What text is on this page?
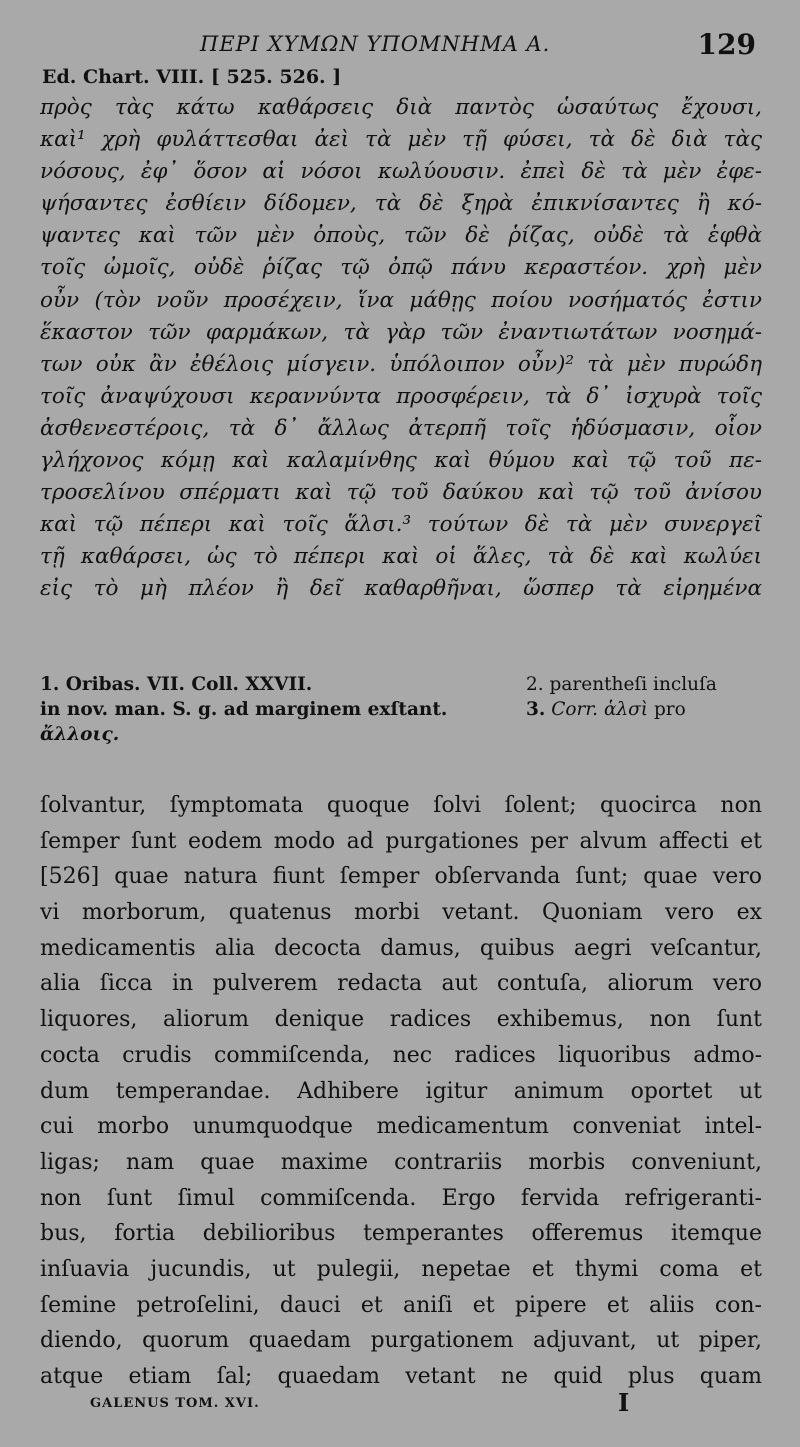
ΠΕΡΙ ΧΥΜΩΝ ΥΠΟΜΝΗΜΑ Α.	129
Ed. Chart. VIII. [ 525. 526. ]
πρὸς τὰς κάτω καθάρσεις διὰ παντὸς ὡσαύτως ἔχουσι,
καὶ¹ χρὴ φυλάττεσθαι ἀεὶ τὰ μὲν τῇ φύσει, τὰ δὲ διὰ τὰς
νόσους, ἐφ᾽ ὅσον αἱ νόσοι κωλύουσιν. ἐπεὶ δὲ τὰ μὲν ἐφε-
ψήσαντες ἐσθίειν δίδομεν, τὰ δὲ ξηρὰ ἐπικνίσαντες ἢ κό-
ψαντες καὶ τῶν μὲν ὀποὺς, τῶν δὲ ῥίζας, οὐδὲ τὰ ἑφθὰ
τοῖς ὠμοῖς, οὐδὲ ῥίζας τῷ ὀπῷ πάνυ κεραστέον. χρὴ μὲν
οὖν (τὸν νοῦν προσέχειν, ἵνα μάθῃς ποίου νοσήματός ἐστιν
ἕκαστον τῶν φαρμάκων, τὰ γὰρ τῶν ἐναντιωτάτων νοσημά-
των οὐκ ἂν ἐθέλοις μίσγειν. ὑπόλοιπον οὖν)² τὰ μὲν πυρώδη
τοῖς ἀναψύχουσι κεραννύντα προσφέρειν, τὰ δ᾽ ἰσχυρὰ τοῖς
ἀσθενεστέροις, τὰ δ᾽ ἄλλως ἀτερπῆ τοῖς ἡδύσμασιν, οἷον
γλήχονος κόμῃ καὶ καλαμίνθης καὶ θύμου καὶ τῷ τοῦ πε-
τροσελίνου σπέρματι καὶ τῷ τοῦ δαύκου καὶ τῷ τοῦ ἀνίσου
καὶ τῷ πέπερι καὶ τοῖς ἅλσι.³ τούτων δὲ τὰ μὲν συνεργεῖ
τῇ καθάρσει, ὡς τὸ πέπερι καὶ οἱ ἅλες, τὰ δὲ καὶ κωλύει
εἰς τὸ μὴ πλέον ἢ δεῖ καθαρθῆναι, ὥσπερ τὰ εἰρημένα
1. Oribas. VII. Coll. XXVII.	2. parentheſi incluſa
in nov. man. S. g. ad marginem exſtant.	3. Corr. ἁλσὶ pro
ἄλλοις.
ſolvantur, ſymptomata quoque ſolvi ſolent; quocirca non
ſemper ſunt eodem modo ad purgationes per alvum affecti et
[526] quae natura fiunt ſemper obſervanda ſunt; quae vero
vi morborum, quatenus morbi vetant. Quoniam vero ex
medicamentis alia decocta damus, quibus aegri veſcantur,
alia ſicca in pulverem redacta aut contuſa, aliorum vero
liquores, aliorum denique radices exhibemus, non ſunt
cocta crudis commiſcenda, nec radices liquoribus admo-
dum temperandae. Adhibere igitur animum oportet ut
cui morbo unumquodque medicamentum conveniat intel-
ligas; nam quae maxime contrariis morbis conveniunt,
non ſunt ſimul commiſcenda. Ergo fervida refrigeranti-
bus, fortia debilioribus temperantes offeremus itemque
inſuavia jucundis, ut pulegii, nepetae et thymi coma et
ſemine petroſelini, dauci et aniſi et pipere et aliis con-
diendo, quorum quaedam purgationem adjuvant, ut piper,
atque etiam ſal; quaedam vetant ne quid plus quam
GALENUS TOM. XVI.	I
